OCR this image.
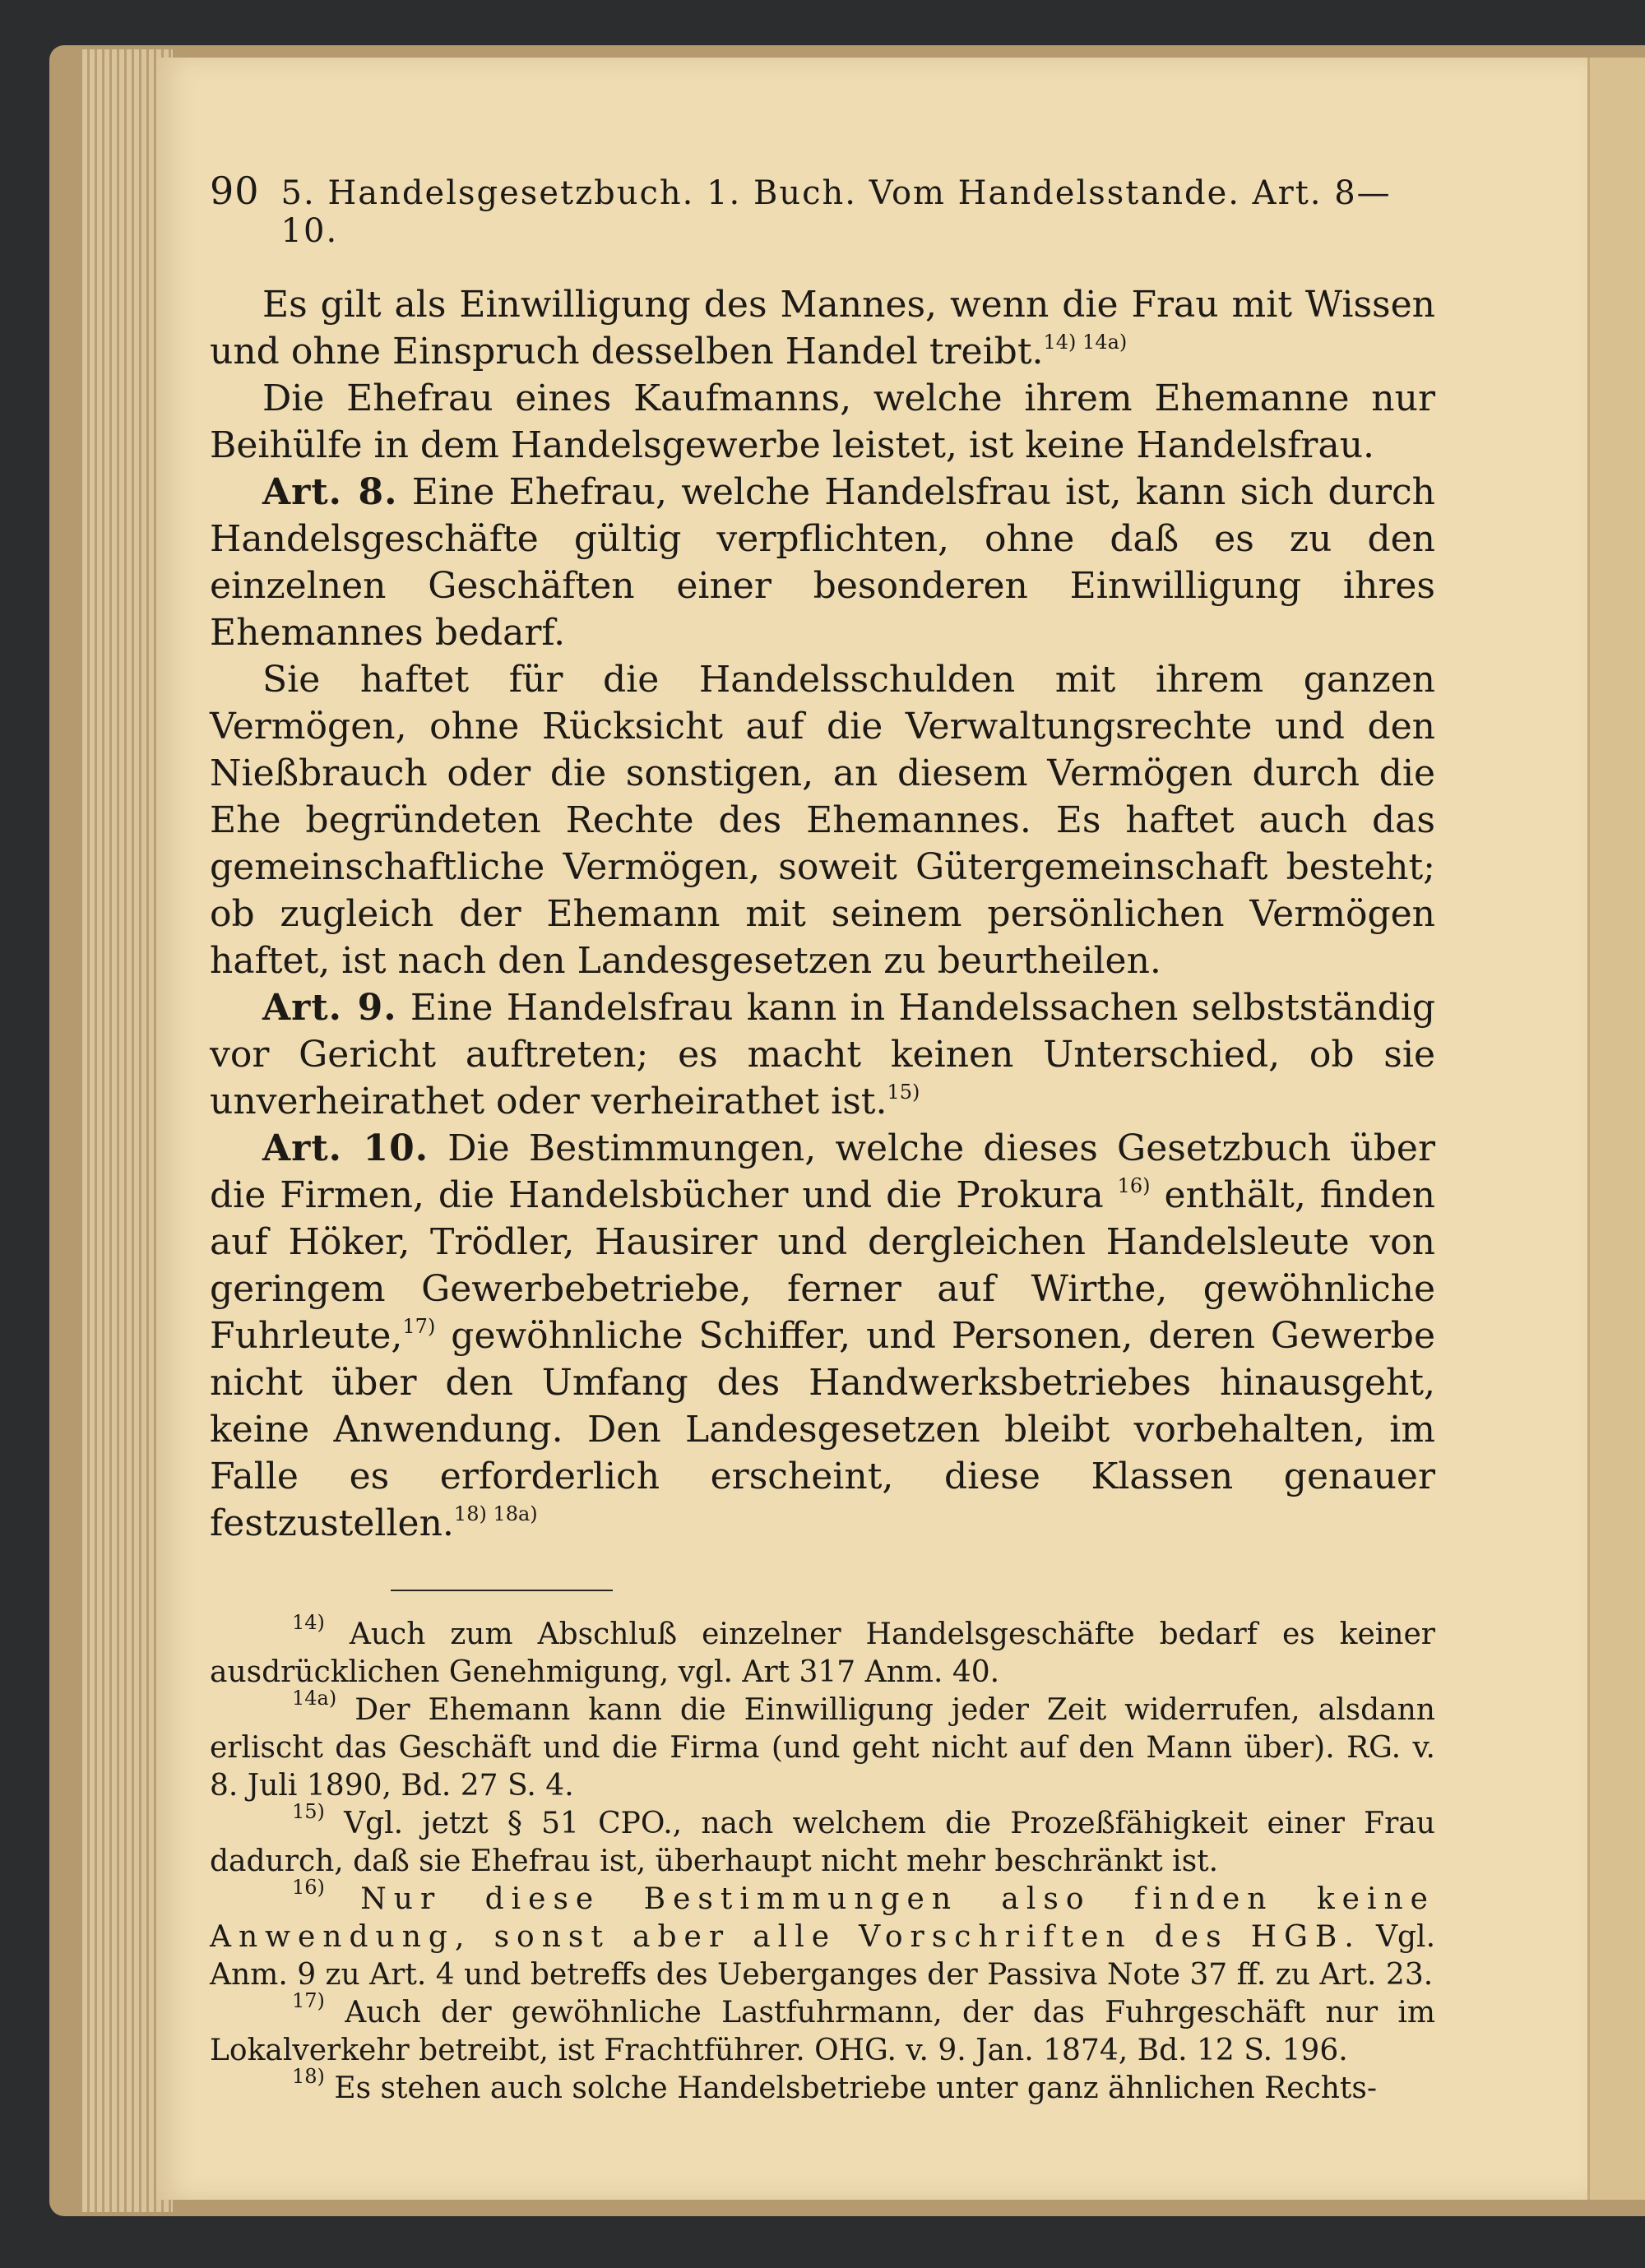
90 5. Handelsgesetzbuch. 1. Buch. Vom Handelsstande. Art. 8—10.

Es gilt als Einwilligung des Mannes, wenn die Frau mit Wissen und ohne Einspruch desselben Handel treibt.$^{14) 14a)}$

Die Ehefrau eines Kaufmanns, welche ihrem Ehemanne nur Beihülfe in dem Handelsgewerbe leistet, ist keine Handelsfrau.

Art. 8. Eine Ehefrau, welche Handelsfrau ist, kann sich durch Handelsgeschäfte gültig verpflichten, ohne daß es zu den einzelnen Geschäften einer besonderen Einwilligung ihres Ehemannes bedarf.

Sie haftet für die Handelsschulden mit ihrem ganzen Vermögen, ohne Rücksicht auf die Verwaltungsrechte und den Nießbrauch oder die sonstigen, an diesem Vermögen durch die Ehe begründeten Rechte des Ehemannes. Es haftet auch das gemeinschaftliche Vermögen, soweit Gütergemeinschaft besteht; ob zugleich der Ehemann mit seinem persönlichen Vermögen haftet, ist nach den Landesgesetzen zu beurtheilen.

Art. 9. Eine Handelsfrau kann in Handelssachen selbstständig vor Gericht auftreten; es macht keinen Unterschied, ob sie unverheirathet oder verheirathet ist.$^{15)}$

Art. 10. Die Bestimmungen, welche dieses Gesetzbuch über die Firmen, die Handelsbücher und die Prokura $^{16)}$ enthält, finden auf Höker, Trödler, Hausirer und dergleichen Handelsleute von geringem Gewerbebetriebe, ferner auf Wirthe, gewöhnliche Fuhrleute,$^{17)}$ gewöhnliche Schiffer, und Personen, deren Gewerbe nicht über den Umfang des Handwerksbetriebes hinausgeht, keine Anwendung. Den Landesgesetzen bleibt vorbehalten, im Falle es erforderlich erscheint, diese Klassen genauer festzustellen.$^{18) 18a)}$

$^{14)}$ Auch zum Abschluß einzelner Handelsgeschäfte bedarf es keiner ausdrücklichen Genehmigung, vgl. Art 317 Anm. 40.

$^{14a)}$ Der Ehemann kann die Einwilligung jeder Zeit widerrufen, alsdann erlischt das Geschäft und die Firma (und geht nicht auf den Mann über). RG. v. 8. Juli 1890, Bd. 27 S. 4.

$^{15)}$ Vgl. jetzt § 51 CPO., nach welchem die Prozeßfähigkeit einer Frau dadurch, daß sie Ehefrau ist, überhaupt nicht mehr beschränkt ist.

$^{16)}$ Nur diese Bestimmungen also finden keine Anwendung, sonst aber alle Vorschriften des HGB. Vgl. Anm. 9 zu Art. 4 und betreffs des Ueberganges der Passiva Note 37 ff. zu Art. 23.

$^{17)}$ Auch der gewöhnliche Lastfuhrmann, der das Fuhrgeschäft nur im Lokalverkehr betreibt, ist Frachtführer. OHG. v. 9. Jan. 1874, Bd. 12 S. 196.

$^{18)}$ Es stehen auch solche Handelsbetriebe unter ganz ähnlichen Rechts-
